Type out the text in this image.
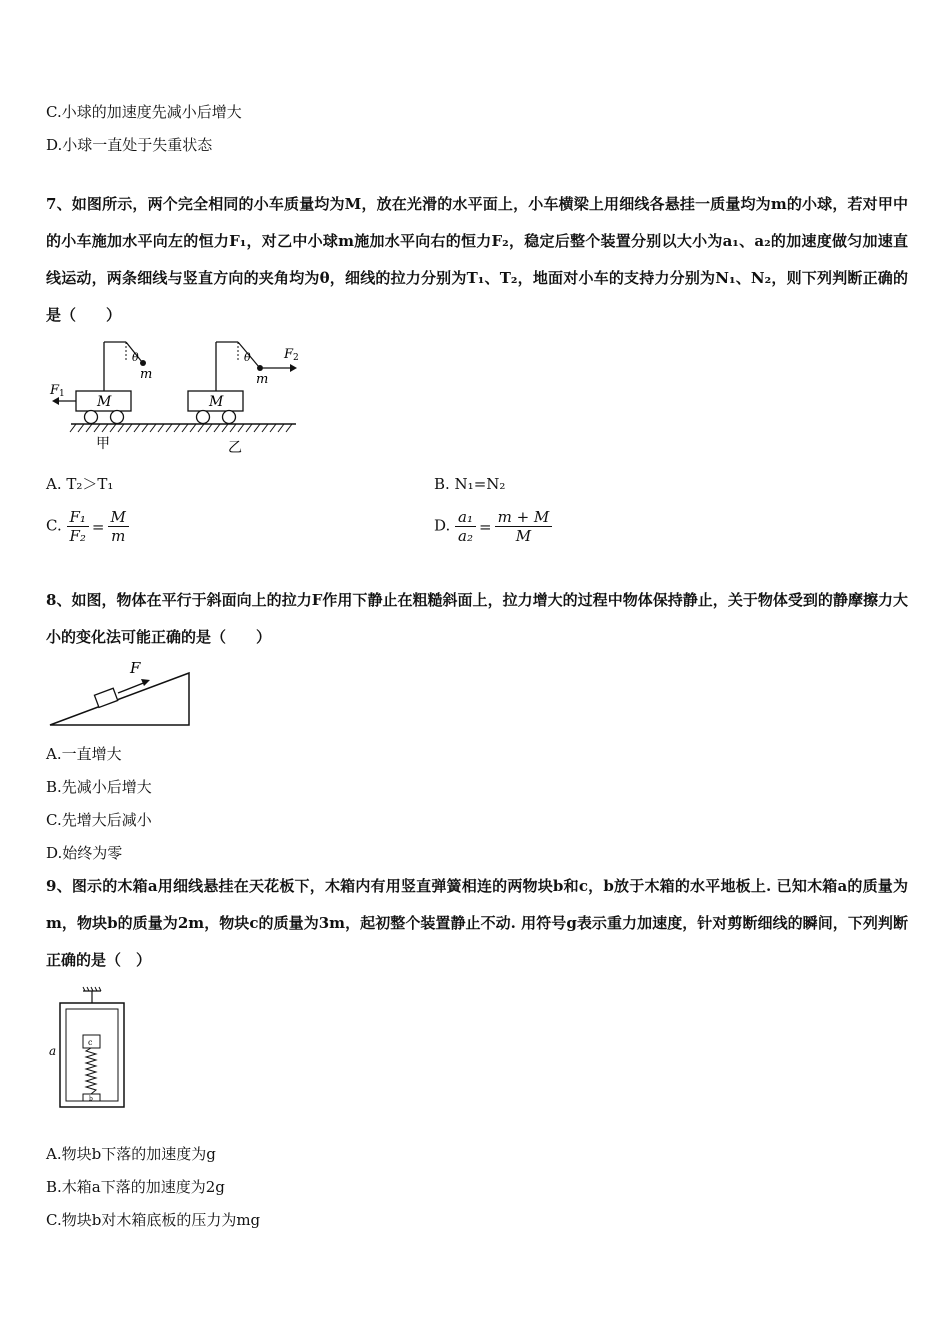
C.小球的加速度先减小后增大
D.小球一直处于失重状态
7、如图所示，两个完全相同的小车质量均为M，放在光滑的水平面上，小车横梁上用细线各悬挂一质量均为m的小球，若对甲中的小车施加水平向左的恒力F₁，对乙中小球m施加水平向右的恒力F₂，稳定后整个装置分别以大小为a₁、a₂的加速度做匀加速直线运动，两条细线与竖直方向的夹角均为θ，细线的拉力分别为T₁、T₂，地面对小车的支持力分别为N₁、N₂，则下列判断正确的是（　　）
θ
m
M
F 1
甲
θ
m
M
F 2
乙
A. T₂＞T₁	B. N₁=N₂
C. $\frac{\text{F₁}}{\text{F₂}} = \frac{M}{m}$	D. $\frac{\text{a₁}}{\text{a₂}} = \frac{m + M}{M}$
8、如图，物体在平行于斜面向上的拉力F作用下静止在粗糙斜面上，拉力增大的过程中物体保持静止，关于物体受到的静摩擦力大小的变化法可能正确的是（　　）
F
A.一直增大
B.先减小后增大
C.先增大后减小
D.始终为零
9、图示的木箱a用细线悬挂在天花板下，木箱内有用竖直弹簧相连的两物块b和c，b放于木箱的水平地板上. 已知木箱a的质量为m，物块b的质量为2m，物块c的质量为3m，起初整个装置静止不动. 用符号g表示重力加速度，针对剪断细线的瞬间，下列判断正确的是（　）
a
c
b
A.物块b下落的加速度为g
B.木箱a下落的加速度为2g
C.物块b对木箱底板的压力为mg
